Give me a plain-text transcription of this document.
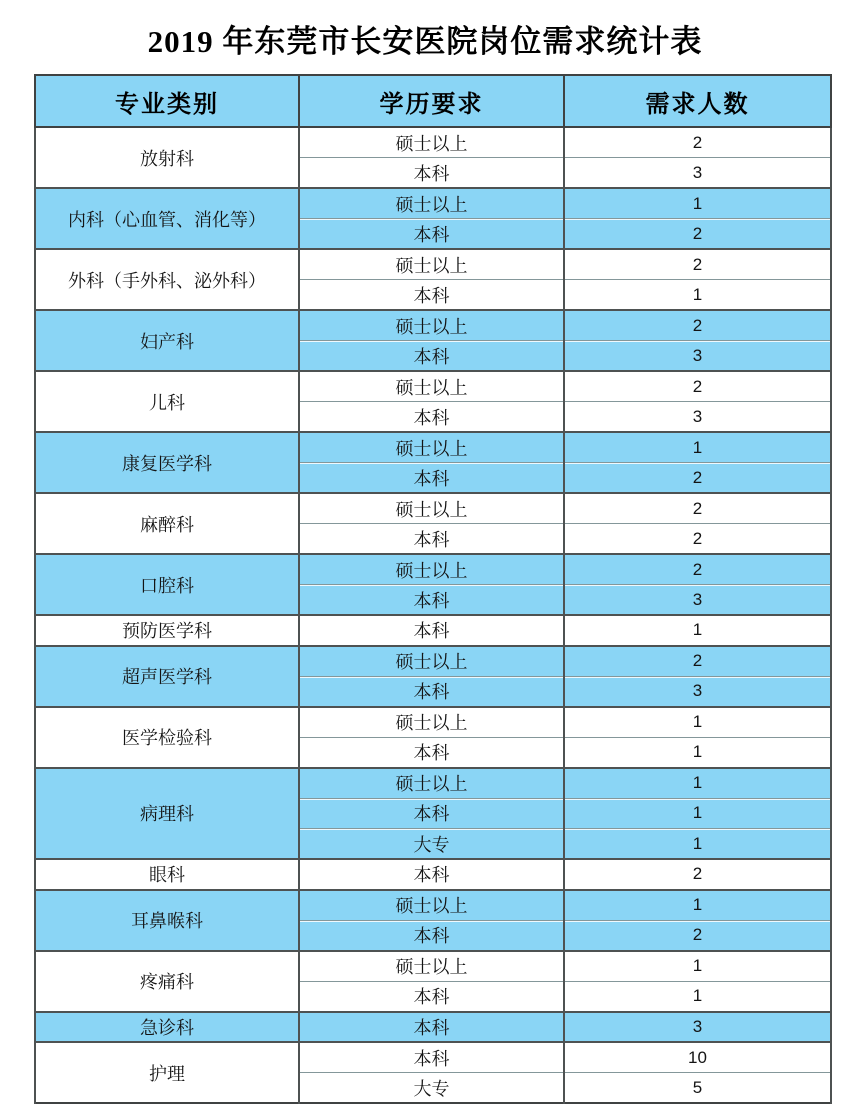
2019 年东莞市长安医院岗位需求统计表
专业类别	学历要求	需求人数
放射科	硕士以上	2
	本科	3
内科（心血管、消化等）	硕士以上	1
	本科	2
外科（手外科、泌外科）	硕士以上	2
	本科	1
妇产科	硕士以上	2
	本科	3
儿科	硕士以上	2
	本科	3
康复医学科	硕士以上	1
	本科	2
麻醉科	硕士以上	2
	本科	2
口腔科	硕士以上	2
	本科	3
预防医学科	本科	1
超声医学科	硕士以上	2
	本科	3
医学检验科	硕士以上	1
	本科	1
病理科	硕士以上	1
	本科	1
	大专	1
眼科	本科	2
耳鼻喉科	硕士以上	1
	本科	2
疼痛科	硕士以上	1
	本科	1
急诊科	本科	3
护理	本科	10
	大专	5
